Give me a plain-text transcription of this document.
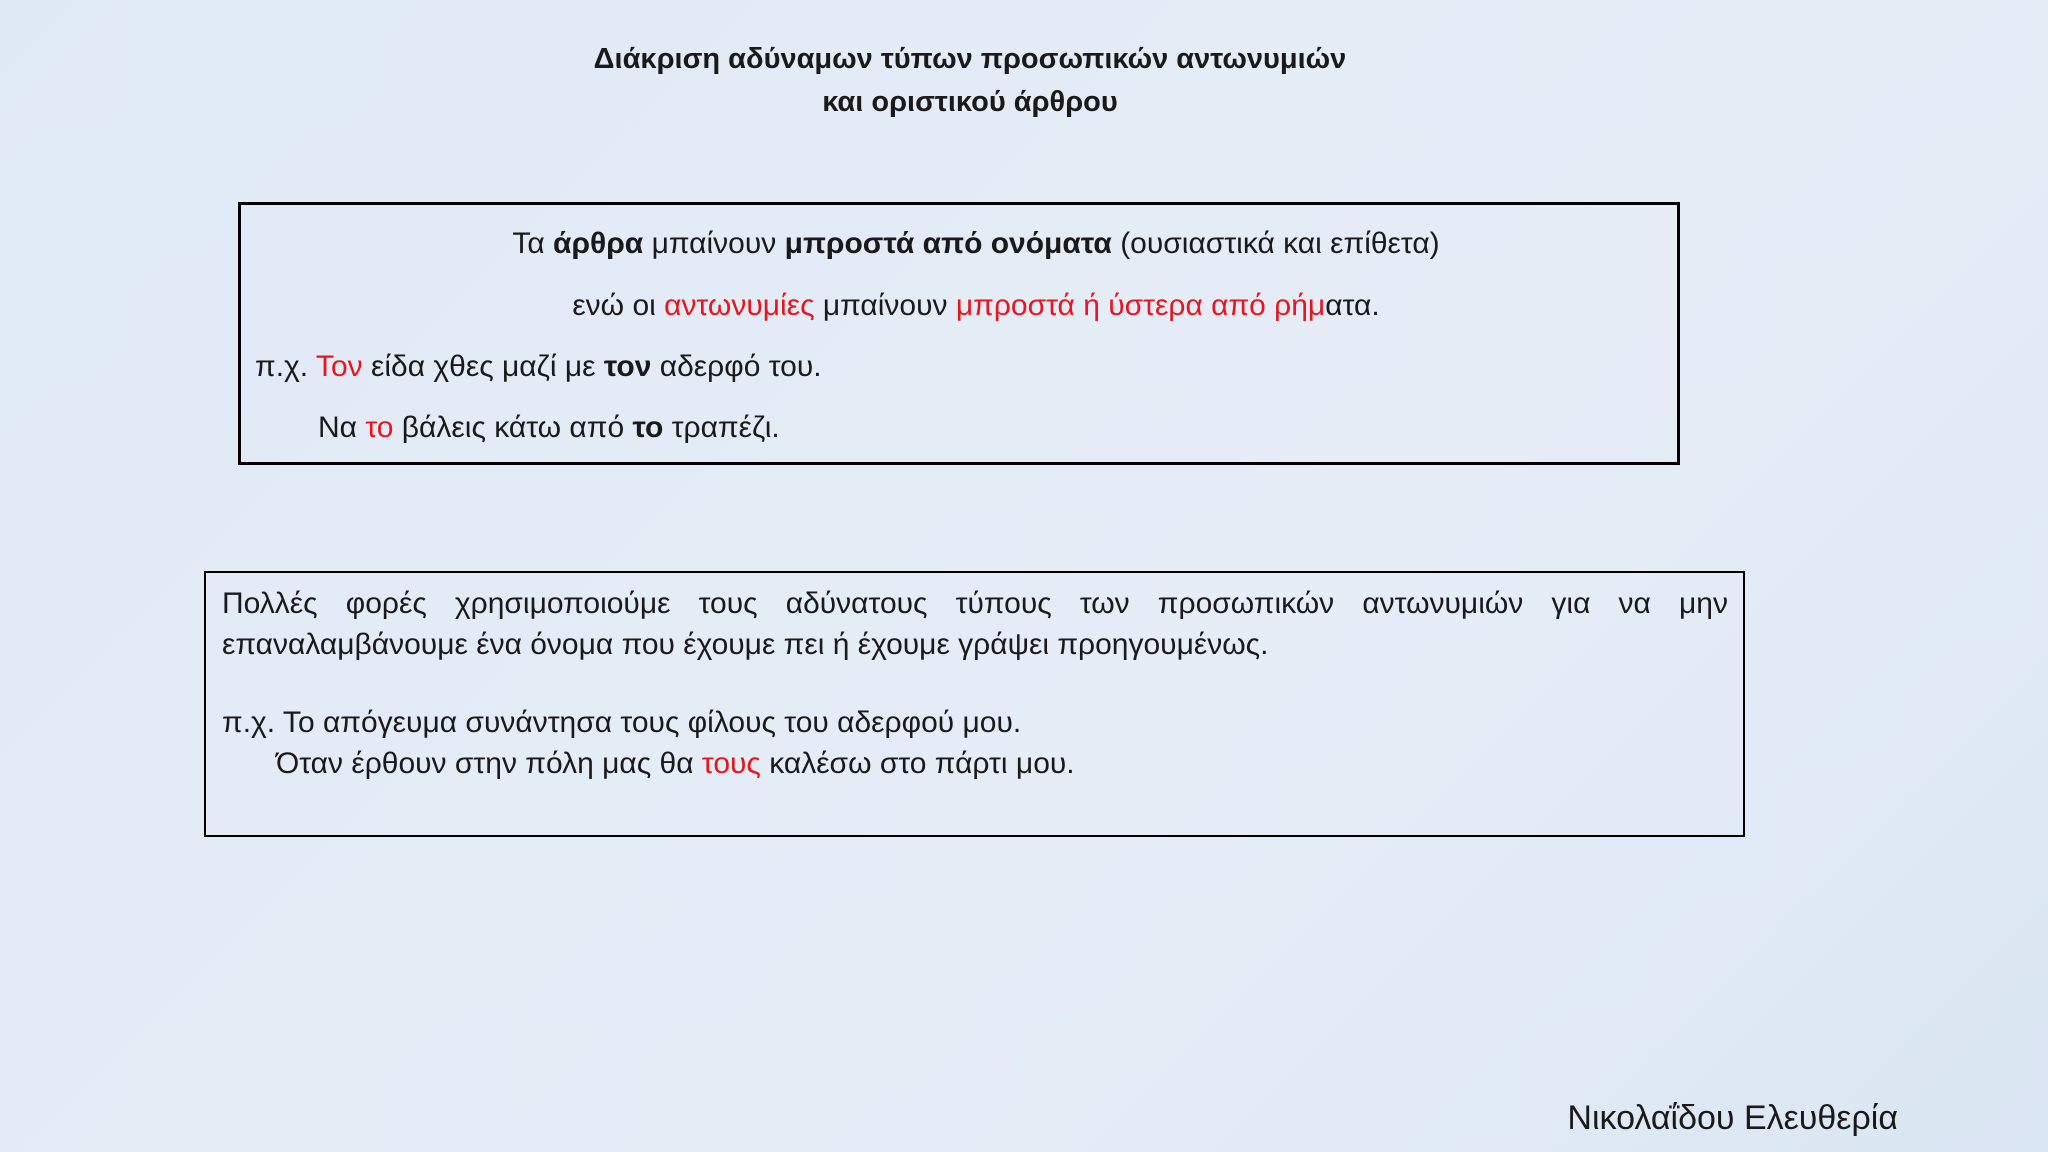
Διάκριση αδύναμων τύπων προσωπικών αντωνυμιών
και οριστικού άρθρου
Τα άρθρα μπαίνουν μπροστά από ονόματα (ουσιαστικά και επίθετα)
ενώ οι αντωνυμίες μπαίνουν μπροστά ή ύστερα από ρήματα.
π.χ. Τον είδα χθες μαζί με τον αδερφό του.
Να το βάλεις κάτω από το τραπέζι.
Πολλές φορές χρησιμοποιούμε τους αδύνατους τύπους των προσωπικών αντωνυμιών για να μην επαναλαμβάνουμε ένα όνομα που έχουμε πει ή έχουμε γράψει προηγουμένως.
π.χ. Το απόγευμα συνάντησα τους φίλους του αδερφού μου.
Όταν έρθουν στην πόλη μας θα τους καλέσω στο πάρτι μου.
Νικολαΐδου Ελευθερία
